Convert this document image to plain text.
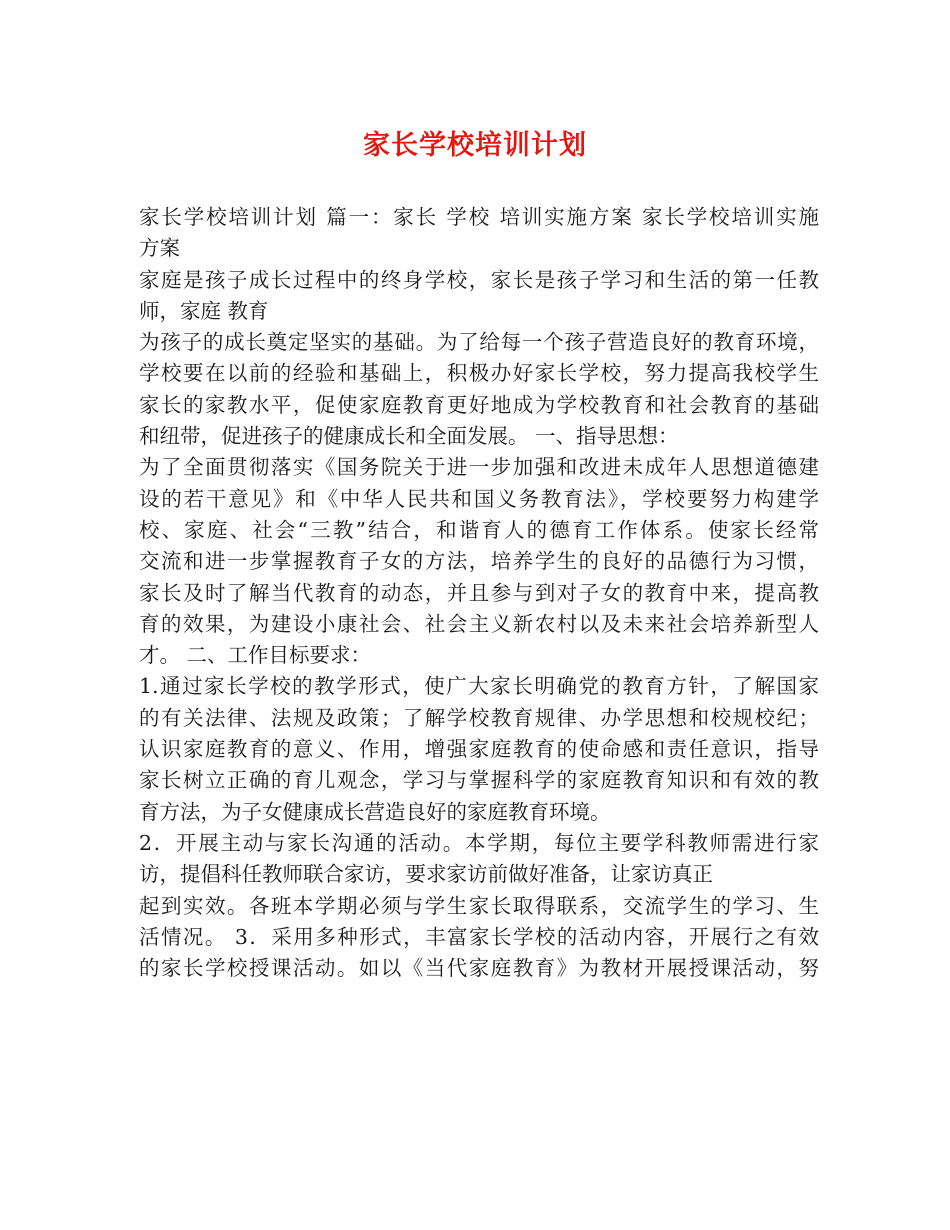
家长学校培训计划
家长学校培训计划 篇一：家长 学校 培训实施方案 家长学校培训实施
方案
家庭是孩子成长过程中的终身学校，家长是孩子学习和生活的第一任教
师，家庭 教育
为孩子的成长奠定坚实的基础。为了给每一个孩子营造良好的教育环境，
学校要在以前的经验和基础上，积极办好家长学校，努力提高我校学生
家长的家教水平，促使家庭教育更好地成为学校教育和社会教育的基础
和纽带，促进孩子的健康成长和全面发展。 一、指导思想：
为了全面贯彻落实《国务院关于进一步加强和改进未成年人思想道德建
设的若干意见》和《中华人民共和国义务教育法》，学校要努力构建学
校、家庭、社会“三教”结合，和谐育人的德育工作体系。使家长经常
交流和进一步掌握教育子女的方法，培养学生的良好的品德行为习惯，
家长及时了解当代教育的动态，并且参与到对子女的教育中来，提高教
育的效果，为建设小康社会、社会主义新农村以及未来社会培养新型人
才。 二、工作目标要求：
1.通过家长学校的教学形式，使广大家长明确党的教育方针，了解国家
的有关法律、法规及政策；了解学校教育规律、办学思想和校规校纪；
认识家庭教育的意义、作用，增强家庭教育的使命感和责任意识，指导
家长树立正确的育儿观念，学习与掌握科学的家庭教育知识和有效的教
育方法，为子女健康成长营造良好的家庭教育环境。
2．开展主动与家长沟通的活动。本学期，每位主要学科教师需进行家
访，提倡科任教师联合家访，要求家访前做好准备，让家访真正
起到实效。各班本学期必须与学生家长取得联系，交流学生的学习、生
活情况。 3．采用多种形式，丰富家长学校的活动内容，开展行之有效
的家长学校授课活动。如以《当代家庭教育》为教材开展授课活动，努
